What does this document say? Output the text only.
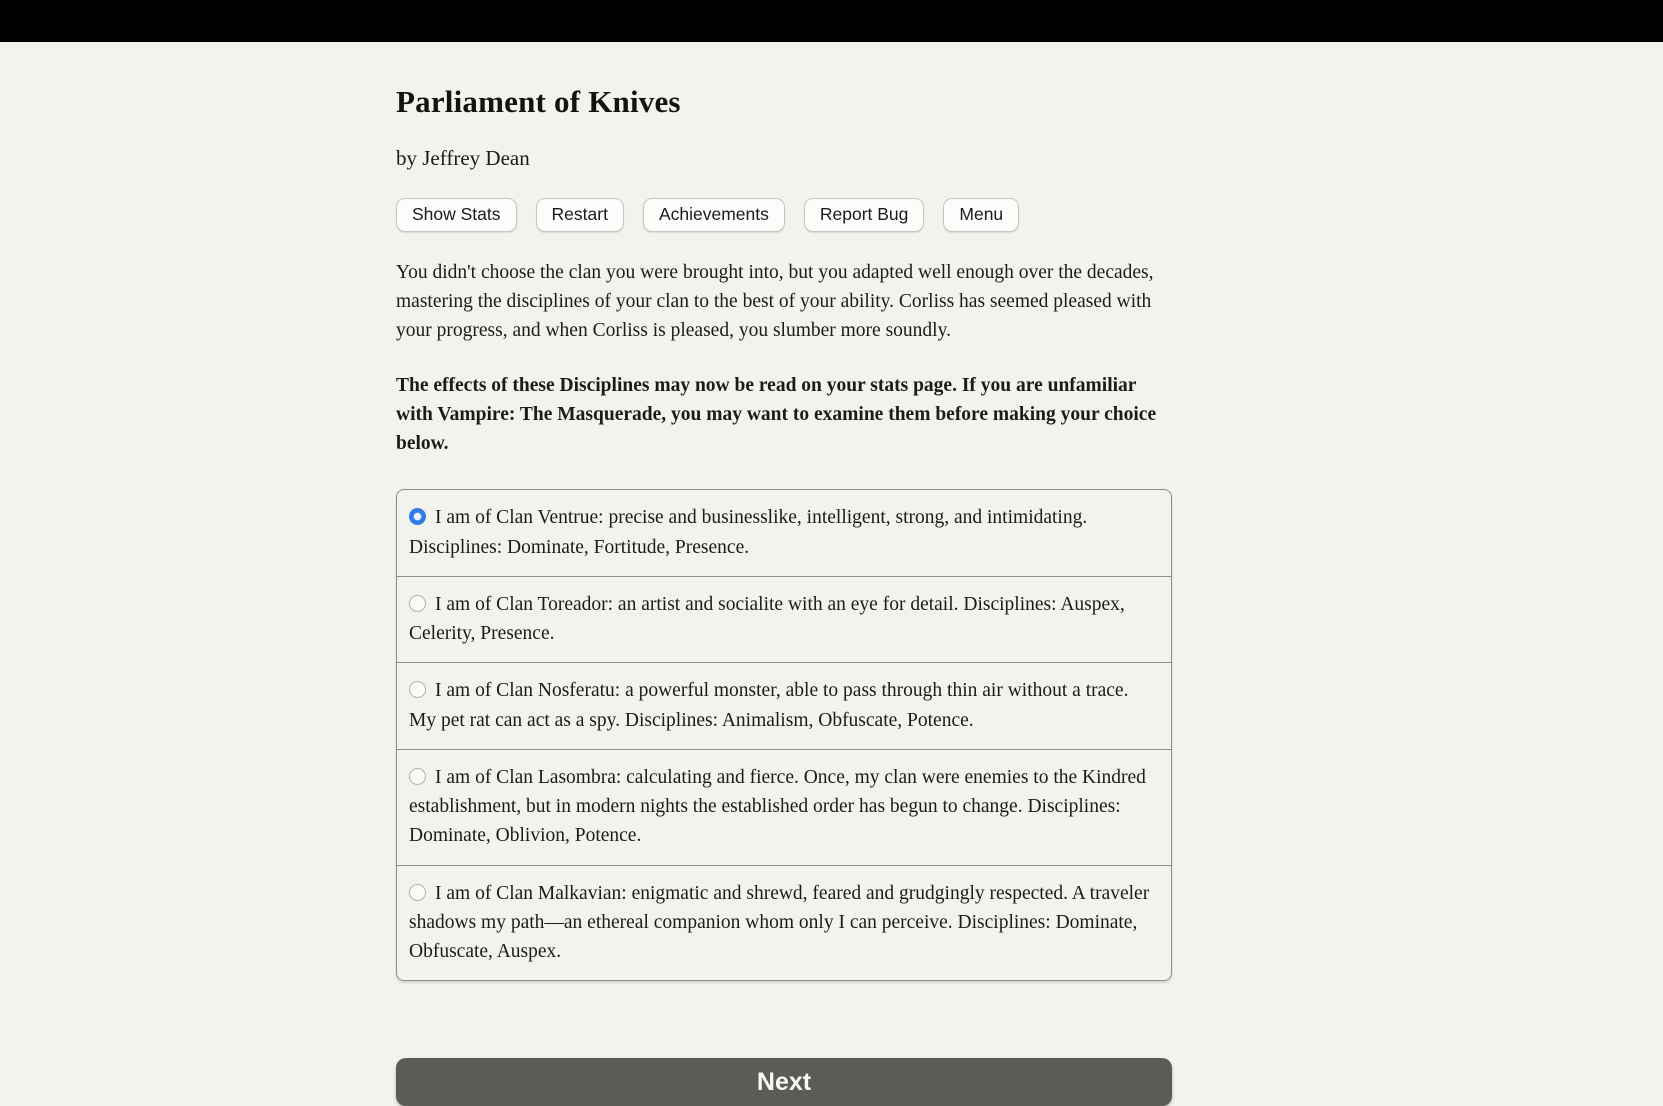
Parliament of Knives
by Jeffrey Dean
Show Stats	Restart	Achievements	Report Bug	Menu

You didn't choose the clan you were brought into, but you adapted well enough over the decades, mastering the disciplines of your clan to the best of your ability. Corliss has seemed pleased with your progress, and when Corliss is pleased, you slumber more soundly.

The effects of these Disciplines may now be read on your stats page. If you are unfamiliar with Vampire: The Masquerade, you may want to examine them before making your choice below.

I am of Clan Ventrue: precise and businesslike, intelligent, strong, and intimidating. Disciplines: Dominate, Fortitude, Presence.
I am of Clan Toreador: an artist and socialite with an eye for detail. Disciplines: Auspex, Celerity, Presence.
I am of Clan Nosferatu: a powerful monster, able to pass through thin air without a trace. My pet rat can act as a spy. Disciplines: Animalism, Obfuscate, Potence.
I am of Clan Lasombra: calculating and fierce. Once, my clan were enemies to the Kindred establishment, but in modern nights the established order has begun to change. Disciplines: Dominate, Oblivion, Potence.
I am of Clan Malkavian: enigmatic and shrewd, feared and grudgingly respected. A traveler shadows my path—an ethereal companion whom only I can perceive. Disciplines: Dominate, Obfuscate, Auspex.
Next
